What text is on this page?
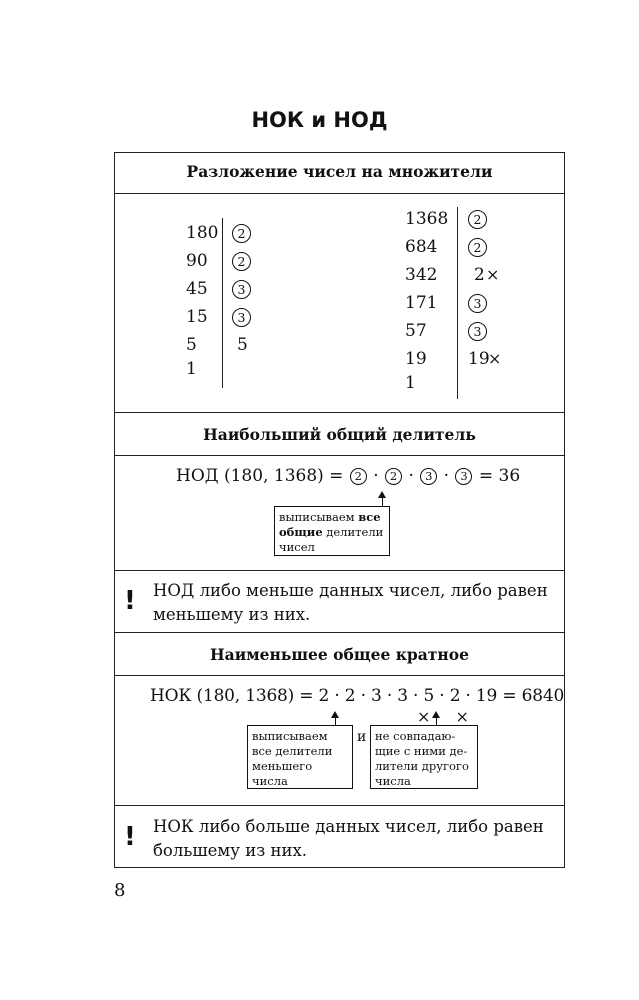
НОК и НОД
Разложение чисел на множители
180
90
45
15
5
1
2
2
3
3
5
1368
684
342
171
57
19
1
2
2
2 ×
3
3
19
×
Наибольший общий делитель
НОД (180, 1368) = 2 · 2 · 3 · 3 = 36
выписываем все общие делители чисел
! НОД либо меньше данных чисел, либо равен меньшему из них.
Наименьшее общее кратное
НОК (180, 1368) = 2 · 2 · 3 · 3 · 5 · 2 · 19 = 6840
× ×
выписываем все делители меньшего числа
и не совпадаю-щие с ними де-лители другого числа
! НОК либо больше данных чисел, либо равен большему из них.
8
